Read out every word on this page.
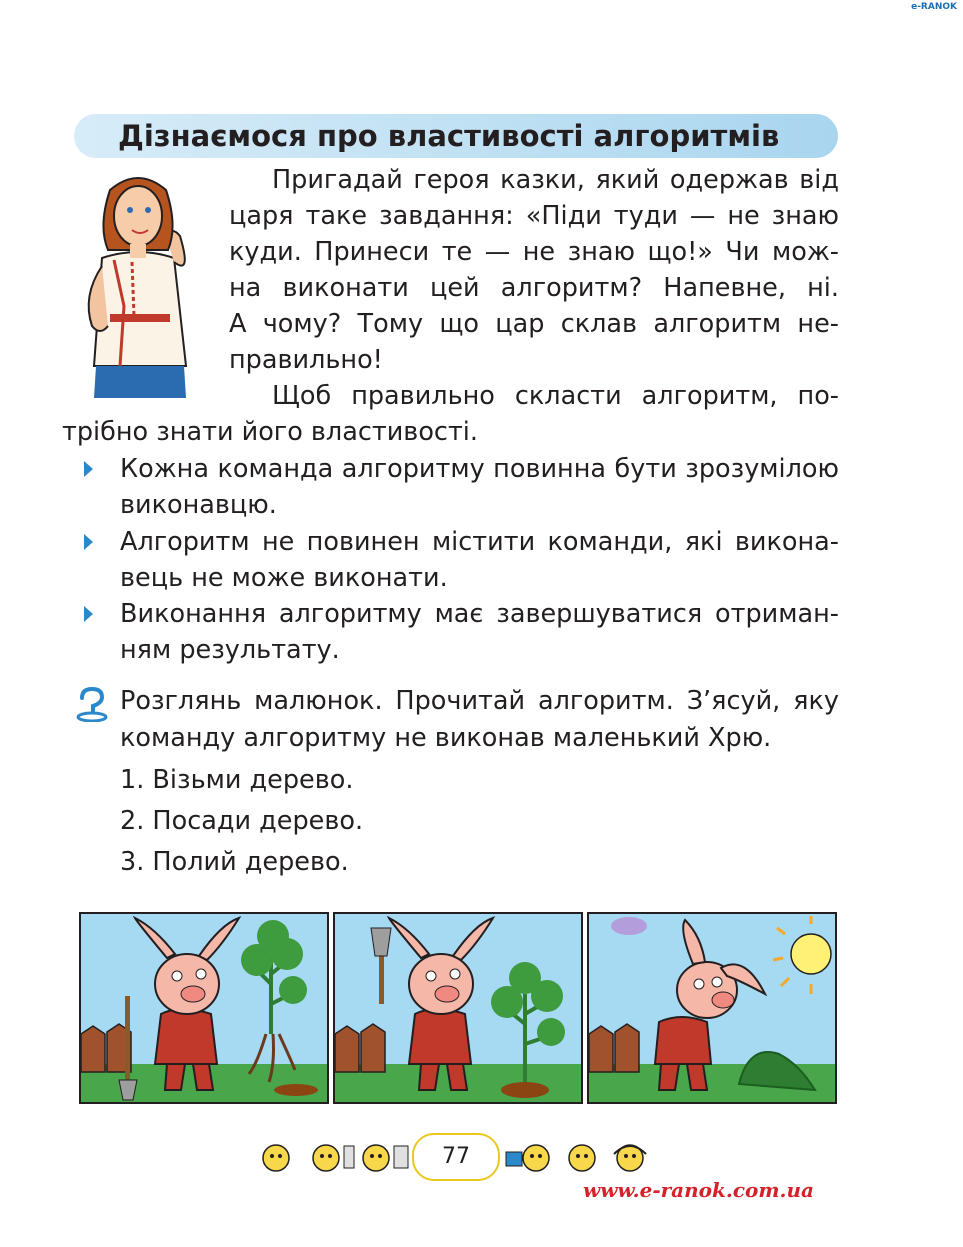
e-RANOK
Дізнаємося про властивості алгоритмів
Пригадай героя казки, який одержав від
царя таке завдання: «Піди туди — не знаю
куди. Принеси те — не знаю що!» Чи мож-
на виконати цей алгоритм? Напевне, ні.
А чому? Тому що цар склав алгоритм не-
правильно!
Щоб правильно скласти алгоритм, по-
трібно знати його властивості.
Кожна команда алгоритму повинна бути зрозумілою
виконавцю.
Алгоритм не повинен містити команди, які викона-
вець не може виконати.
Виконання алгоритму має завершуватися отриман-
ням результату.
Розглянь малюнок. Прочитай алгоритм. З’ясуй, яку
команду алгоритму не виконав маленький Хрю.
1. Візьми дерево.
2. Посади дерево.
3. Полий дерево.
77
www.e-ranok.com.ua
